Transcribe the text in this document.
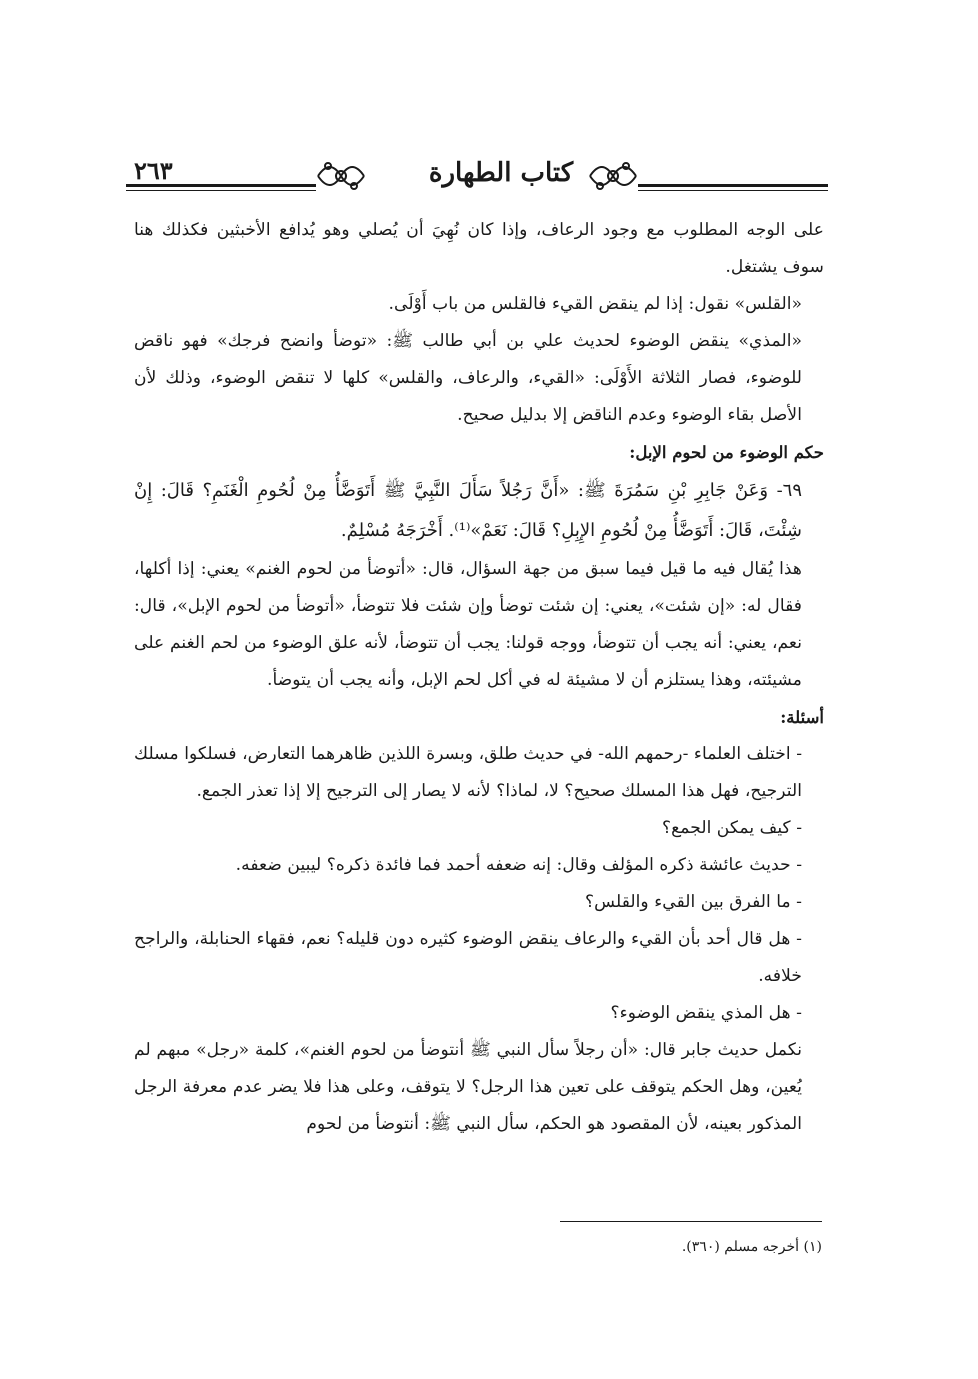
٢٦٣	كتاب الطهارة

على الوجه المطلوب مع وجود الرعاف، وإذا كان نُهِيَ أن يُصلي وهو يُدافع الأخبثين فكذلك هنا سوف يشتغل.

«القلس» نقول: إذا لم ينقض القيء فالقلس من باب أَوْلَى.

«المذي» ينقض الوضوء لحديث علي بن أبي طالب ﷺ: «توضأ وانضح فرجك» فهو ناقض للوضوء، فصار الثلاثة الأَوْلَى: «القيء، والرعاف، والقلس» كلها لا تنقض الوضوء، وذلك لأن الأصل بقاء الوضوء وعدم الناقض إلا بدليل صحيح.

حكم الوضوء من لحوم الإبل:

٦٩- وَعَنْ جَابِرِ بْنِ سَمُرَةَ ﷺ: «أَنَّ رَجُلاً سَأَلَ النَّبِيَّ ﷺ أَتَوَضَّأُ مِنْ لُحُومِ الْغَنَمِ؟ قَالَ: إِنْ شِئْتَ، قَالَ: أَتَوَضَّأُ مِنْ لُحُومِ الإِبِلِ؟ قَالَ: نَعَمْ»⁽¹⁾. أَخْرَجَهُ مُسْلِمٌ.

هذا يُقال فيه ما قيل فيما سبق من جهة السؤال، قال: «أتوضأ من لحوم الغنم» يعني: إذا أكلها، فقال له: «إن شئت»، يعني: إن شئت توضأ وإن شئت فلا تتوضأ، «أتوضأ من لحوم الإبل»، قال: نعم، يعني: أنه يجب أن تتوضأ، ووجه قولنا: يجب أن تتوضأ، لأنه علق الوضوء من لحم الغنم على مشيئته، وهذا يستلزم أن لا مشيئة له في أكل لحم الإبل، وأنه يجب أن يتوضأ.

أسئلة:

- اختلف العلماء -رحمهم الله- في حديث طلق، وبسرة اللذين ظاهرهما التعارض، فسلكوا مسلك الترجيح، فهل هذا المسلك صحيح؟ لا، لماذا؟ لأنه لا يصار إلى الترجيح إلا إذا تعذر الجمع.

- كيف يمكن الجمع؟

- حديث عائشة ذكره المؤلف وقال: إنه ضعفه أحمد فما فائدة ذكره؟ ليبين ضعفه.

- ما الفرق بين القيء والقلس؟

- هل قال أحد بأن القيء والرعاف ينقض الوضوء كثيره دون قليله؟ نعم، فقهاء الحنابلة، والراجح خلافه.

- هل المذي ينقض الوضوء؟

نكمل حديث جابر قال: «أن رجلاً سأل النبي ﷺ أنتوضأ من لحوم الغنم»، كلمة «رجل» مبهم لم يُعين، وهل الحكم يتوقف على تعين هذا الرجل؟ لا يتوقف، وعلى هذا فلا يضر عدم معرفة الرجل المذكور بعينه، لأن المقصود هو الحكم، سأل النبي ﷺ: أنتوضأ من لحوم

(١) أخرجه مسلم (٣٦٠).
